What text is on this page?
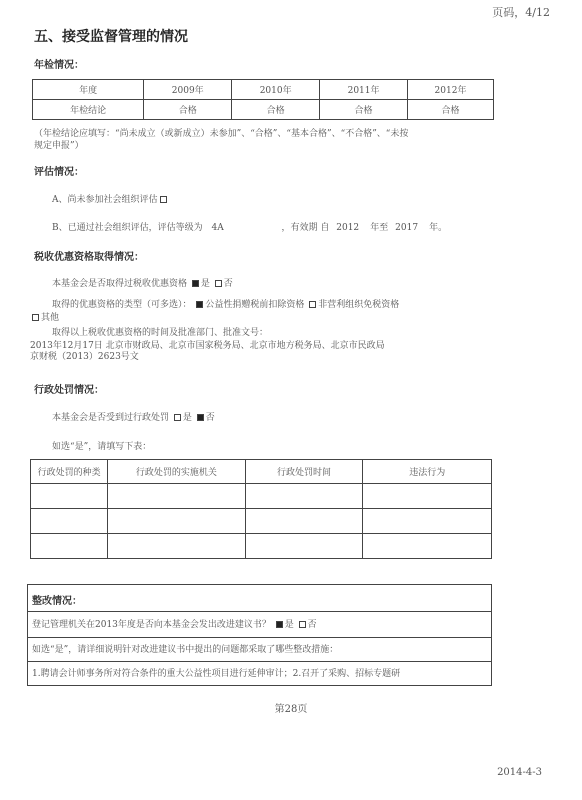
页码，4/12
五、接受监督管理的情况
年检情况：
年度	2009年	2010年	2011年	2012年
年检结论	合格	合格	合格	合格
（年检结论应填写：“尚未成立（或新成立）未参加”、“合格”、“基本合格”、“不合格”、“未按
规定申报”）
评估情况：
A、尚未参加社会组织评估
B、已通过社会组织评估，评估等级为 4A	，有效期 自 2012 年至 2017 年。
税收优惠资格取得情况：
本基金会是否取得过税收优惠资格 是 否
取得的优惠资格的类型（可多选）： 公益性捐赠税前扣除资格 非营利组织免税资格
其他
取得以上税收优惠资格的时间及批准部门、批准文号：
2013年12月17日 北京市财政局、北京市国家税务局、北京市地方税务局、北京市民政局
京财税（2013）2623号文
行政处罚情况：
本基金会是否受到过行政处罚 是 否
如选“是”，请填写下表：
行政处罚的种类	行政处罚的实施机关	行政处罚时间	违法行为

整改情况：
登记管理机关在2013年度是否向本基金会发出改进建议书？ 是 否
如选“是”，请详细说明针对改进建议书中提出的问题都采取了哪些整改措施：
1.聘请会计师事务所对符合条件的重大公益性项目进行延伸审计；2.召开了采购、招标专题研
第28页
2014-4-3
